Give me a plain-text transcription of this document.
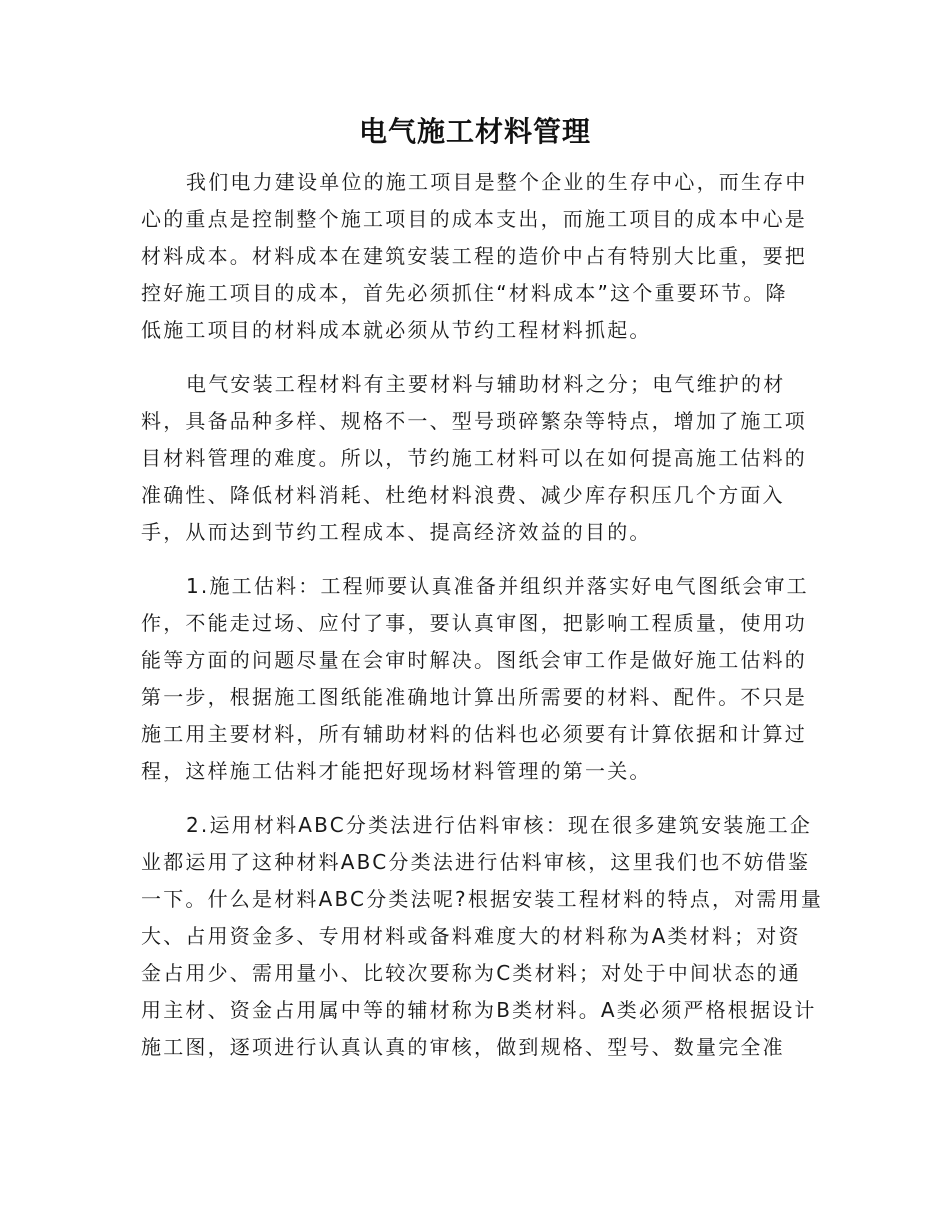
电气施工材料管理
我们电力建设单位的施工项目是整个企业的生存中心，而生存中
心的重点是控制整个施工项目的成本支出，而施工项目的成本中心是
材料成本。材料成本在建筑安装工程的造价中占有特别大比重，要把
控好施工项目的成本，首先必须抓住“材料成本”这个重要环节。降
低施工项目的材料成本就必须从节约工程材料抓起。
电气安装工程材料有主要材料与辅助材料之分；电气维护的材
料，具备品种多样、规格不一、型号琐碎繁杂等特点，增加了施工项
目材料管理的难度。所以，节约施工材料可以在如何提高施工估料的
准确性、降低材料消耗、杜绝材料浪费、减少库存积压几个方面入
手，从而达到节约工程成本、提高经济效益的目的。
1.施工估料：工程师要认真准备并组织并落实好电气图纸会审工
作，不能走过场、应付了事，要认真审图，把影响工程质量，使用功
能等方面的问题尽量在会审时解决。图纸会审工作是做好施工估料的
第一步，根据施工图纸能准确地计算出所需要的材料、配件。不只是
施工用主要材料，所有辅助材料的估料也必须要有计算依据和计算过
程，这样施工估料才能把好现场材料管理的第一关。
2.运用材料ABC分类法进行估料审核：现在很多建筑安装施工企
业都运用了这种材料ABC分类法进行估料审核，这里我们也不妨借鉴
一下。什么是材料ABC分类法呢?根据安装工程材料的特点，对需用量
大、占用资金多、专用材料或备料难度大的材料称为A类材料；对资
金占用少、需用量小、比较次要称为C类材料；对处于中间状态的通
用主材、资金占用属中等的辅材称为B类材料。A类必须严格根据设计
施工图，逐项进行认真认真的审核，做到规格、型号、数量完全准
